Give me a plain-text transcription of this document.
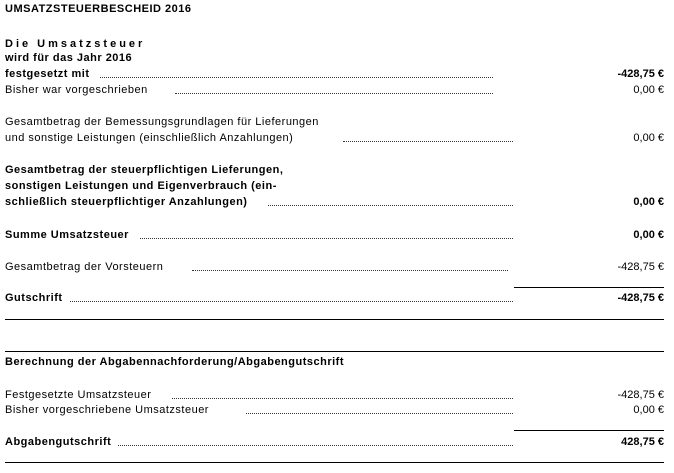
UMSATZSTEUERBESCHEID 2016
Die Umsatzsteuer
wird für das Jahr 2016
festgesetzt mit	-428,75 €
Bisher war vorgeschrieben	0,00 €
Gesamtbetrag der Bemessungsgrundlagen für Lieferungen
und sonstige Leistungen (einschließlich Anzahlungen)	0,00 €
Gesamtbetrag der steuerpflichtigen Lieferungen,
sonstigen Leistungen und Eigenverbrauch (ein-
schließlich steuerpflichtiger Anzahlungen)	0,00 €
Summe Umsatzsteuer	0,00 €
Gesamtbetrag der Vorsteuern	-428,75 €
Gutschrift	-428,75 €
Berechnung der Abgabennachforderung/Abgabengutschrift
Festgesetzte Umsatzsteuer	-428,75 €
Bisher vorgeschriebene Umsatzsteuer	0,00 €
Abgabengutschrift	428,75 €
